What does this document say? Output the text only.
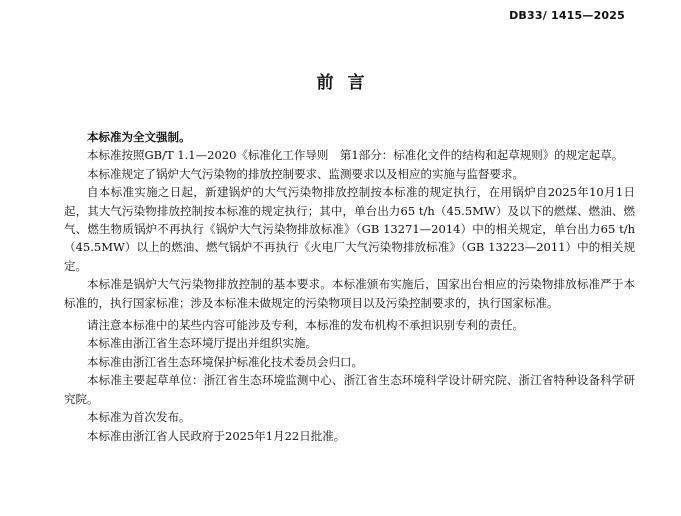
DB33/ 1415—2025
前言

本标准为全文强制。

本标准按照GB/T 1.1—2020《标准化工作导则　第1部分：标准化文件的结构和起草规则》的规定起草。

本标准规定了锅炉大气污染物的排放控制要求、监测要求以及相应的实施与监督要求。

自本标准实施之日起，新建锅炉的大气污染物排放控制按本标准的规定执行，在用锅炉自2025年10月1日起，其大气污染物排放控制按本标准的规定执行；其中，单台出力65 t/h（45.5MW）及以下的燃煤、燃油、燃气、燃生物质锅炉不再执行《锅炉大气污染物排放标准》（GB 13271—2014）中的相关规定，单台出力65 t/h（45.5MW）以上的燃油、燃气锅炉不再执行《火电厂大气污染物排放标准》（GB 13223—2011）中的相关规定。

本标准是锅炉大气污染物排放控制的基本要求。本标准颁布实施后，国家出台相应的污染物排放标准严于本标准的，执行国家标准；涉及本标准未做规定的污染物项目以及污染控制要求的，执行国家标准。

请注意本标准中的某些内容可能涉及专利，本标准的发布机构不承担识别专利的责任。

本标准由浙江省生态环境厅提出并组织实施。

本标准由浙江省生态环境保护标准化技术委员会归口。

本标准主要起草单位：浙江省生态环境监测中心、浙江省生态环境科学设计研究院、浙江省特种设备科学研究院。

本标准为首次发布。

本标准由浙江省人民政府于2025年1月22日批准。
